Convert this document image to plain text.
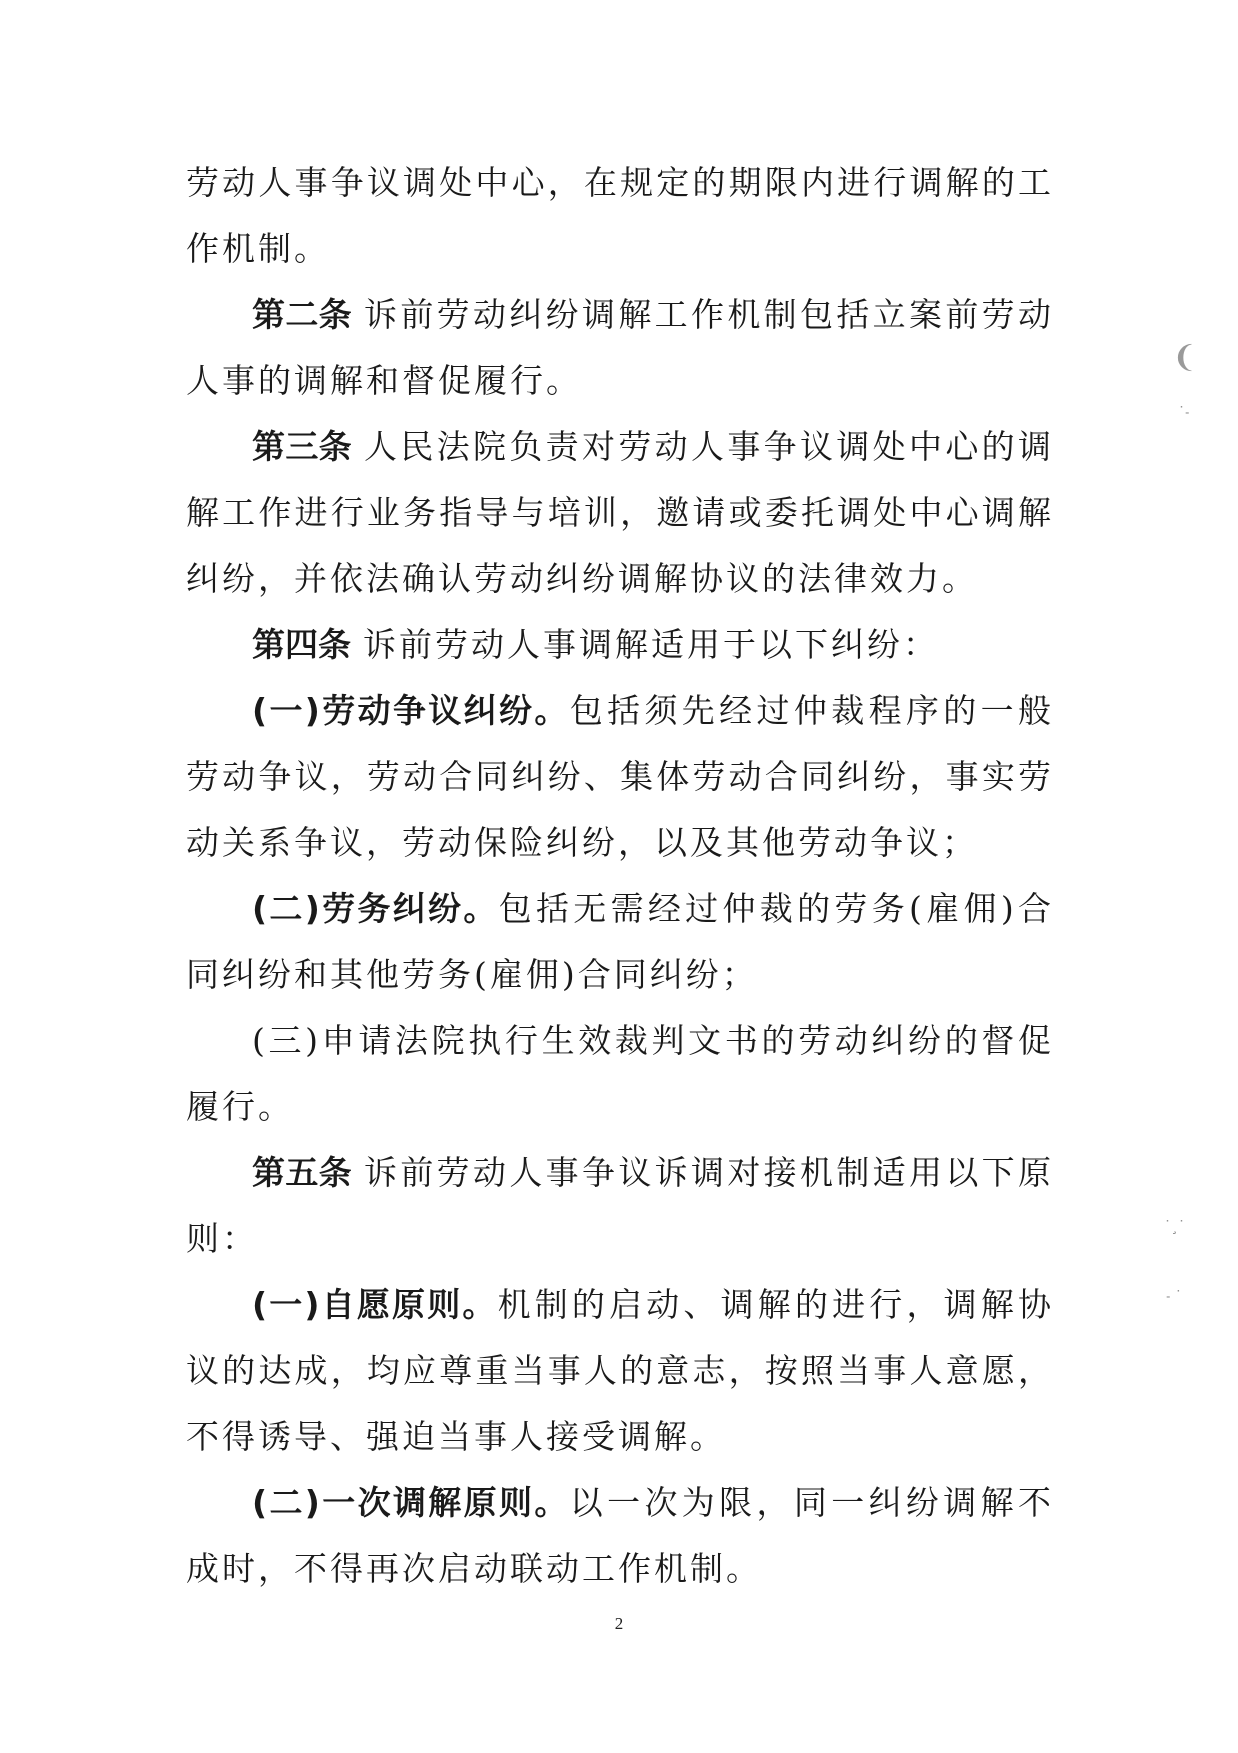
劳动人事争议调处中心，在规定的期限内进行调解的工作机制。

第二条 诉前劳动纠纷调解工作机制包括立案前劳动人事的调解和督促履行。

第三条 人民法院负责对劳动人事争议调处中心的调解工作进行业务指导与培训，邀请或委托调处中心调解纠纷，并依法确认劳动纠纷调解协议的法律效力。

第四条 诉前劳动人事调解适用于以下纠纷：

(一)劳动争议纠纷。包括须先经过仲裁程序的一般劳动争议，劳动合同纠纷、集体劳动合同纠纷，事实劳动关系争议，劳动保险纠纷，以及其他劳动争议；

(二)劳务纠纷。包括无需经过仲裁的劳务(雇佣)合同纠纷和其他劳务(雇佣)合同纠纷；

(三)申请法院执行生效裁判文书的劳动纠纷的督促履行。

第五条 诉前劳动人事争议诉调对接机制适用以下原则：

(一)自愿原则。机制的启动、调解的进行，调解协议的达成，均应尊重当事人的意志，按照当事人意愿，不得诱导、强迫当事人接受调解。

(二)一次调解原则。以一次为限，同一纠纷调解不成时，不得再次启动联动工作机制。

2
❨
˙˗
˙¸˙
˗ ˙
